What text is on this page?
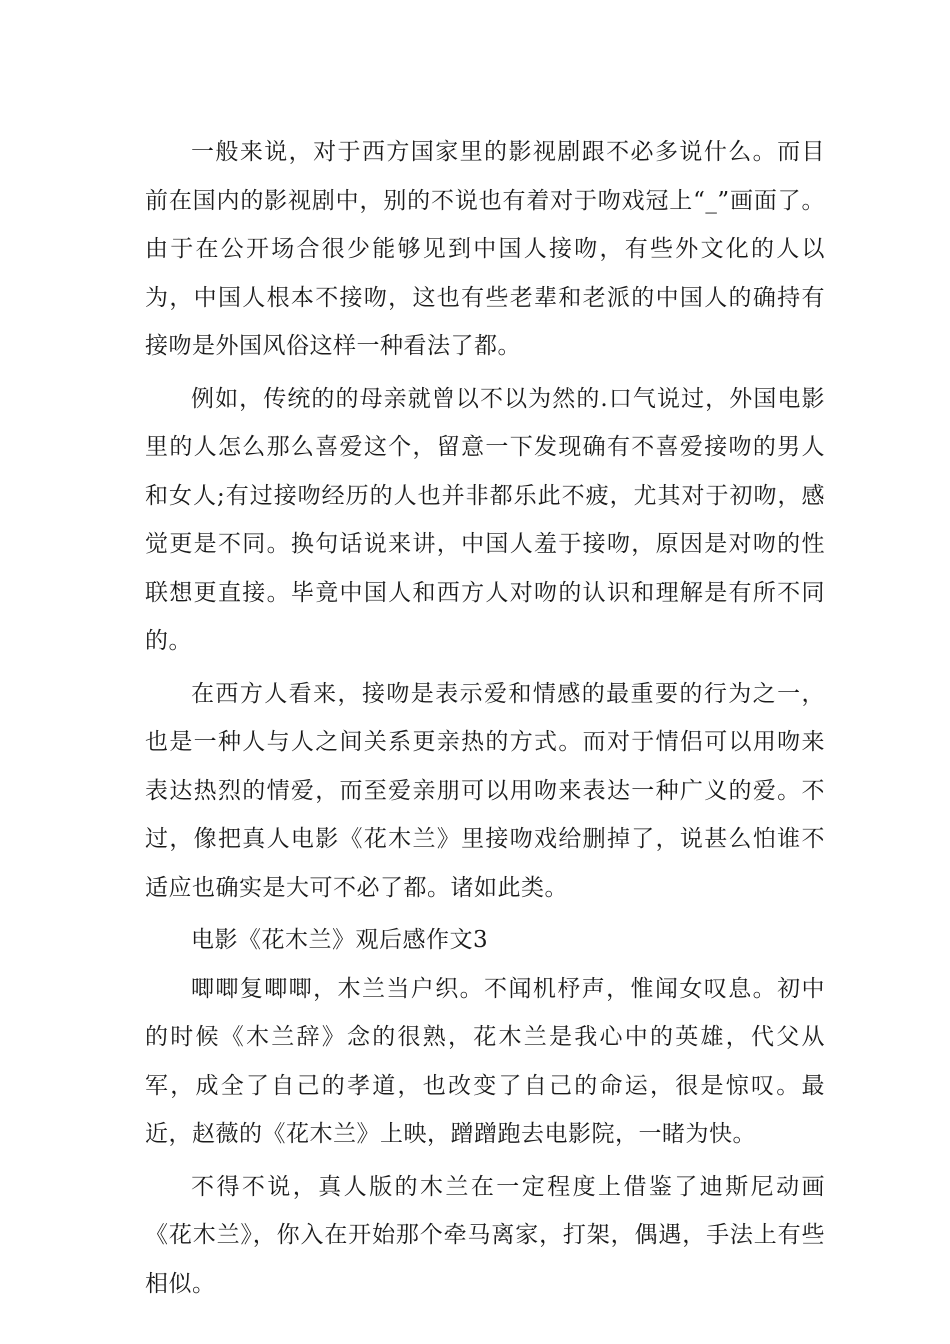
一般来说，对于西方国家里的影视剧跟不必多说什么。而目前在国内的影视剧中，别的不说也有着对于吻戏冠上“_”画面了。由于在公开场合很少能够见到中国人接吻，有些外文化的人以为，中国人根本不接吻，这也有些老辈和老派的中国人的确持有接吻是外国风俗这样一种看法了都。

例如，传统的的母亲就曾以不以为然的.口气说过，外国电影里的人怎么那么喜爱这个，留意一下发现确有不喜爱接吻的男人和女人;有过接吻经历的人也并非都乐此不疲，尤其对于初吻，感觉更是不同。换句话说来讲，中国人羞于接吻，原因是对吻的性联想更直接。毕竟中国人和西方人对吻的认识和理解是有所不同的。

在西方人看来，接吻是表示爱和情感的最重要的行为之一，也是一种人与人之间关系更亲热的方式。而对于情侣可以用吻来表达热烈的情爱，而至爱亲朋可以用吻来表达一种广义的爱。不过，像把真人电影《花木兰》里接吻戏给删掉了，说甚么怕谁不适应也确实是大可不必了都。诸如此类。

电影《花木兰》观后感作文3

唧唧复唧唧，木兰当户织。不闻机杼声，惟闻女叹息。初中的时候《木兰辞》念的很熟，花木兰是我心中的英雄，代父从军，成全了自己的孝道，也改变了自己的命运，很是惊叹。最近，赵薇的《花木兰》上映，蹭蹭跑去电影院，一睹为快。

不得不说，真人版的木兰在一定程度上借鉴了迪斯尼动画《花木兰》，你入在开始那个牵马离家，打架，偶遇，手法上有些相似。
